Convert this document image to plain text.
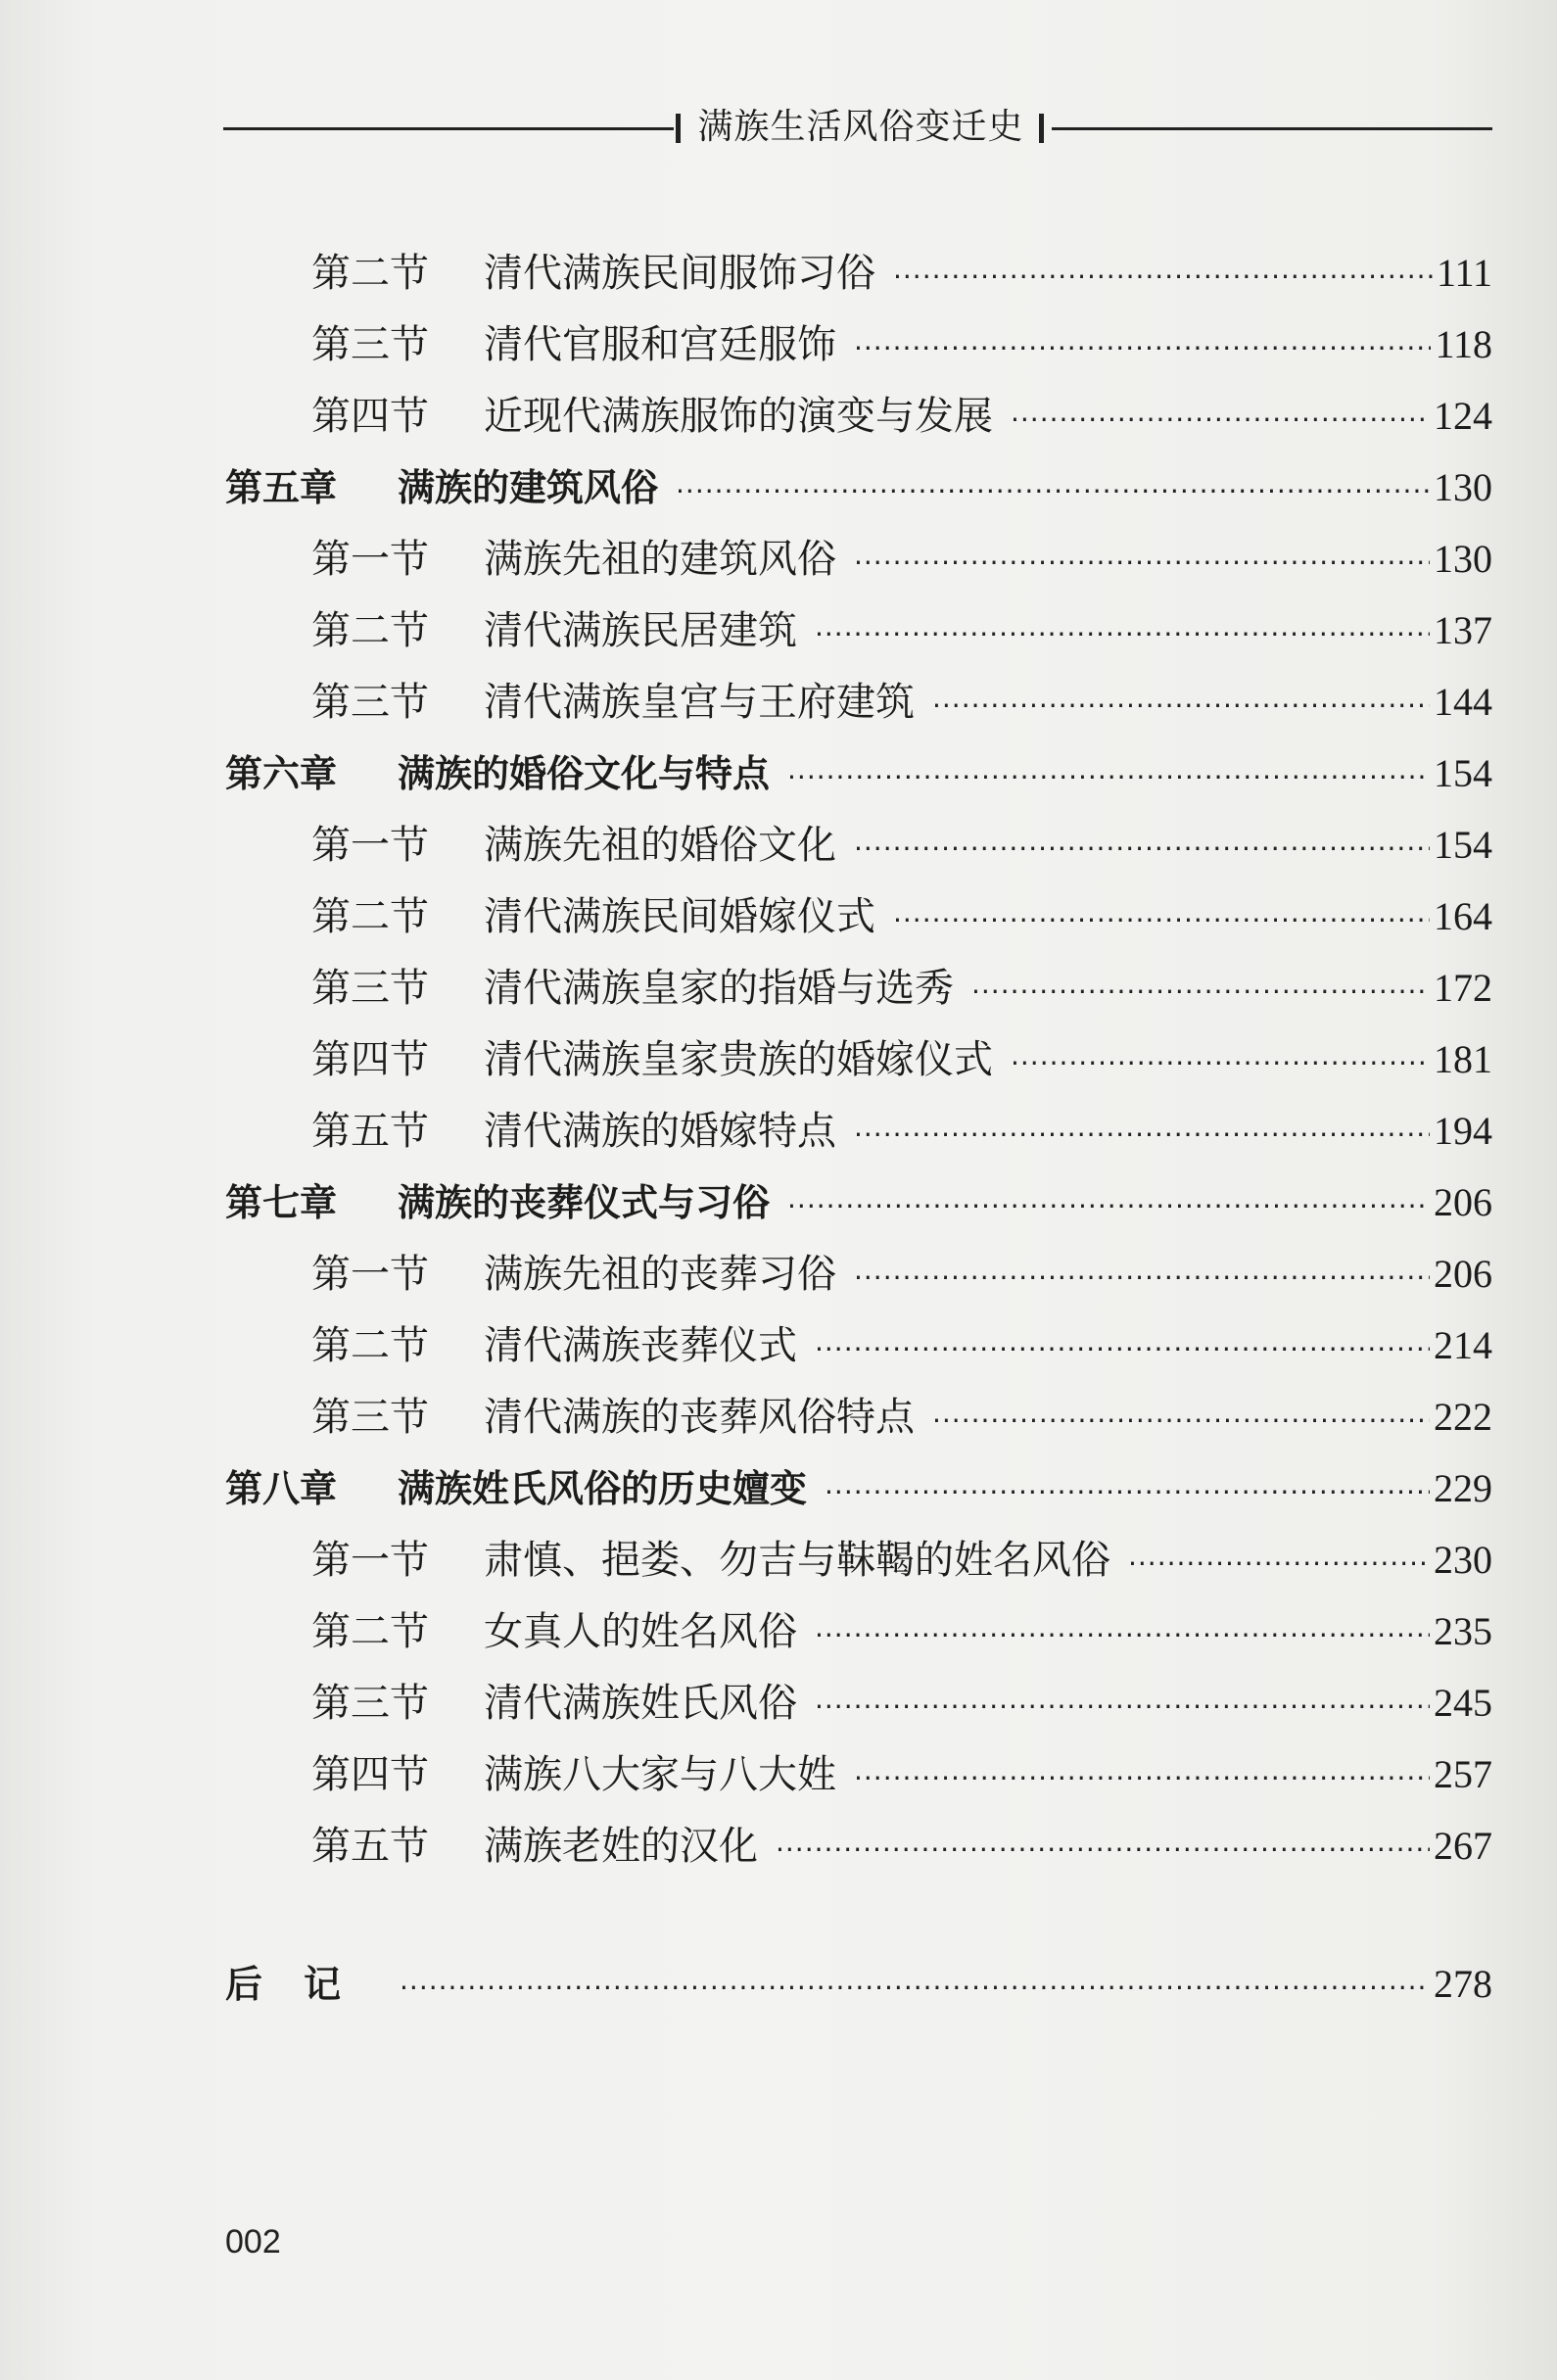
满族生活风俗变迁史
第二节	清代满族民间服饰习俗 ·····	111
第三节	清代官服和宫廷服饰 ·····	118
第四节	近现代满族服饰的演变与发展 ·····	124
第五章	满族的建筑风俗 ·····	130
第一节	满族先祖的建筑风俗 ·····	130
第二节	清代满族民居建筑 ·····	137
第三节	清代满族皇宫与王府建筑 ·····	144
第六章	满族的婚俗文化与特点 ·····	154
第一节	满族先祖的婚俗文化 ·····	154
第二节	清代满族民间婚嫁仪式 ·····	164
第三节	清代满族皇家的指婚与选秀 ·····	172
第四节	清代满族皇家贵族的婚嫁仪式 ·····	181
第五节	清代满族的婚嫁特点 ·····	194
第七章	满族的丧葬仪式与习俗 ·····	206
第一节	满族先祖的丧葬习俗 ·····	206
第二节	清代满族丧葬仪式 ·····	214
第三节	清代满族的丧葬风俗特点 ·····	222
第八章	满族姓氏风俗的历史嬗变 ·····	229
第一节	肃慎、挹娄、勿吉与靺鞨的姓名风俗 ·····	230
第二节	女真人的姓名风俗 ·····	235
第三节	清代满族姓氏风俗 ·····	245
第四节	满族八大家与八大姓 ·····	257
第五节	满族老姓的汉化 ·····	267
后记 ·····	278
002
